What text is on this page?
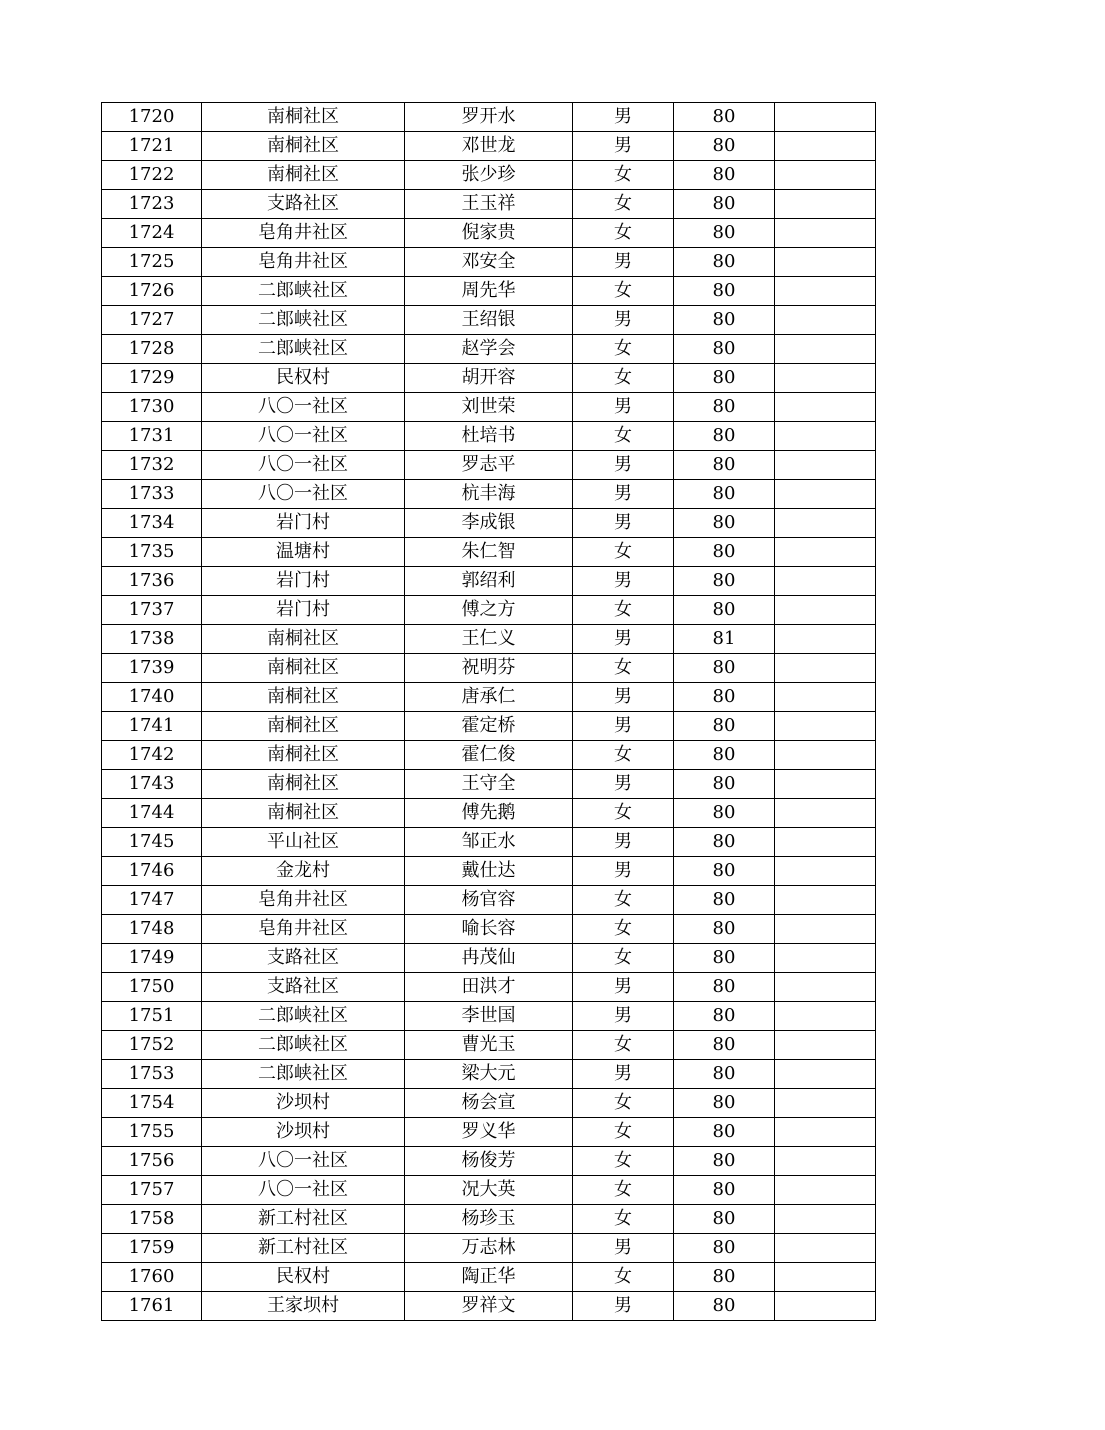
1720	南桐社区	罗开水	男	80	
1721	南桐社区	邓世龙	男	80	
1722	南桐社区	张少珍	女	80	
1723	支路社区	王玉祥	女	80	
1724	皂角井社区	倪家贵	女	80	
1725	皂角井社区	邓安全	男	80	
1726	二郎峡社区	周先华	女	80	
1727	二郎峡社区	王绍银	男	80	
1728	二郎峡社区	赵学会	女	80	
1729	民权村	胡开容	女	80	
1730	八〇一社区	刘世荣	男	80	
1731	八〇一社区	杜培书	女	80	
1732	八〇一社区	罗志平	男	80	
1733	八〇一社区	杭丰海	男	80	
1734	岩门村	李成银	男	80	
1735	温塘村	朱仁智	女	80	
1736	岩门村	郭绍利	男	80	
1737	岩门村	傅之方	女	80	
1738	南桐社区	王仁义	男	81	
1739	南桐社区	祝明芬	女	80	
1740	南桐社区	唐承仁	男	80	
1741	南桐社区	霍定桥	男	80	
1742	南桐社区	霍仁俊	女	80	
1743	南桐社区	王守全	男	80	
1744	南桐社区	傅先鹅	女	80	
1745	平山社区	邹正水	男	80	
1746	金龙村	戴仕达	男	80	
1747	皂角井社区	杨官容	女	80	
1748	皂角井社区	喻长容	女	80	
1749	支路社区	冉茂仙	女	80	
1750	支路社区	田洪才	男	80	
1751	二郎峡社区	李世国	男	80	
1752	二郎峡社区	曹光玉	女	80	
1753	二郎峡社区	梁大元	男	80	
1754	沙坝村	杨会宣	女	80	
1755	沙坝村	罗义华	女	80	
1756	八〇一社区	杨俊芳	女	80	
1757	八〇一社区	况大英	女	80	
1758	新工村社区	杨珍玉	女	80	
1759	新工村社区	万志林	男	80	
1760	民权村	陶正华	女	80	
1761	王家坝村	罗祥文	男	80	
